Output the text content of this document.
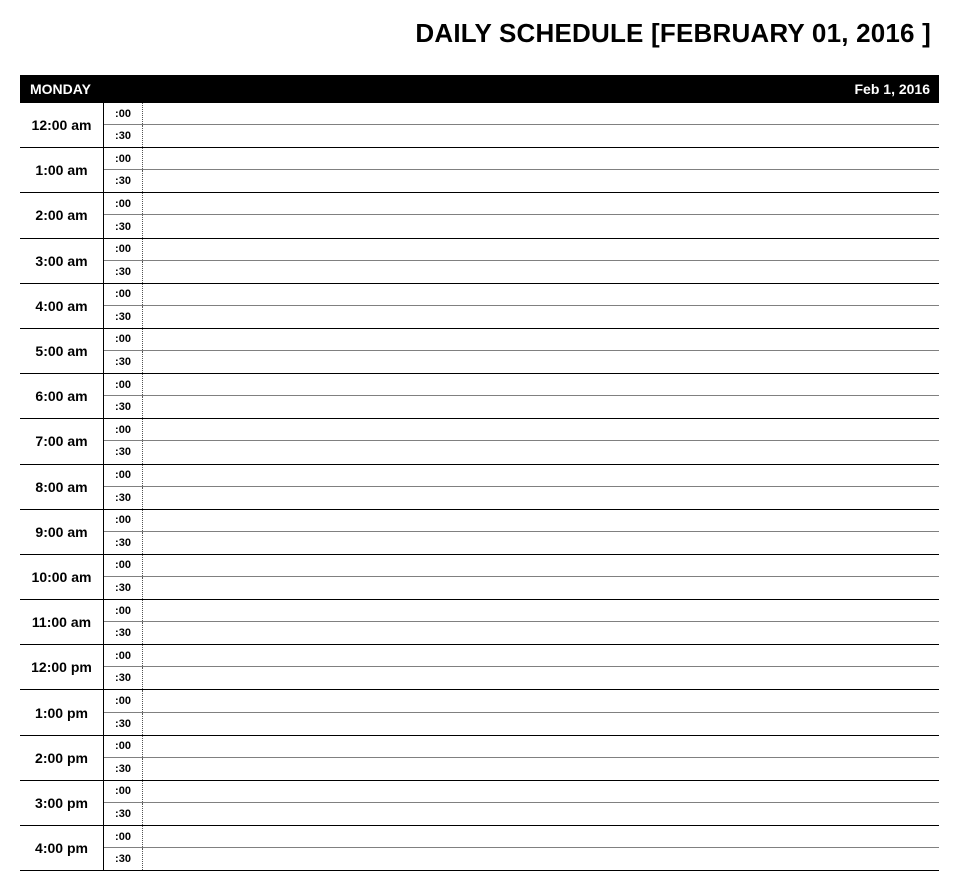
DAILY SCHEDULE [FEBRUARY 01, 2016 ]
MONDAY	Feb 1, 2016
12:00 am
:00
:30
1:00 am
:00
:30
2:00 am
:00
:30
3:00 am
:00
:30
4:00 am
:00
:30
5:00 am
:00
:30
6:00 am
:00
:30
7:00 am
:00
:30
8:00 am
:00
:30
9:00 am
:00
:30
10:00 am
:00
:30
11:00 am
:00
:30
12:00 pm
:00
:30
1:00 pm
:00
:30
2:00 pm
:00
:30
3:00 pm
:00
:30
4:00 pm
:00
:30
